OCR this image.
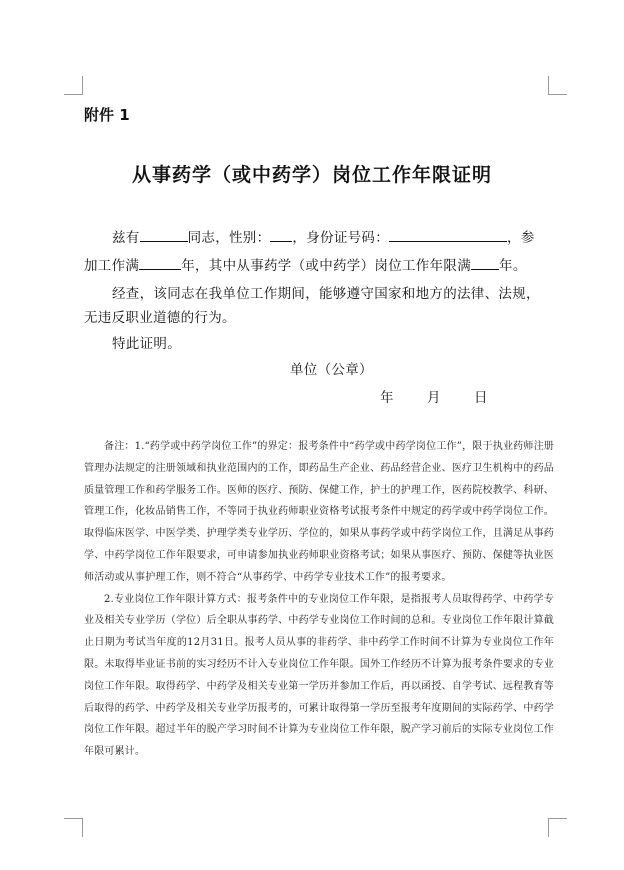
附件 1
从事药学（或中药学）岗位工作年限证明
兹有	同志，性别： ，身份证号码：	，参
加工作满	年，其中从事药学（或中药学）岗位工作年限满 年。
经查，该同志在我单位工作期间，能够遵守国家和地方的法律、法规，
无违反职业道德的行为。
特此证明。
单位（公章）
年 月 日

备注：1.“药学或中药学岗位工作”的界定：报考条件中“药学或中药学岗位工作”，限于执业药师注册管理办法规定的注册领域和执业范围内的工作，即药品生产企业、药品经营企业、医疗卫生机构中的药品质量管理工作和药学服务工作。医师的医疗、预防、保健工作，护士的护理工作，医药院校教学、科研、管理工作，化妆品销售工作，不等同于执业药师职业资格考试报考条件中规定的药学或中药学岗位工作。取得临床医学、中医学类、护理学类专业学历、学位的，如果从事药学或中药学岗位工作，且满足从事药学、中药学岗位工作年限要求，可申请参加执业药师职业资格考试；如果从事医疗、预防、保健等执业医师活动或从事护理工作，则不符合“从事药学、中药学专业技术工作”的报考要求。

2.专业岗位工作年限计算方式：报考条件中的专业岗位工作年限，是指报考人员取得药学、中药学专业及相关专业学历（学位）后全职从事药学、中药学专业岗位工作时间的总和。专业岗位工作年限计算截止日期为考试当年度的12月31日。报考人员从事的非药学、非中药学工作时间不计算为专业岗位工作年限。未取得毕业证书前的实习经历不计入专业岗位工作年限。国外工作经历不计算为报考条件要求的专业岗位工作年限。取得药学、中药学及相关专业第一学历并参加工作后，再以函授、自学考试、远程教育等后取得的药学、中药学及相关专业学历报考的，可累计取得第一学历至报考年度期间的实际药学、中药学岗位工作年限。超过半年的脱产学习时间不计算为专业岗位工作年限，脱产学习前后的实际专业岗位工作年限可累计。
